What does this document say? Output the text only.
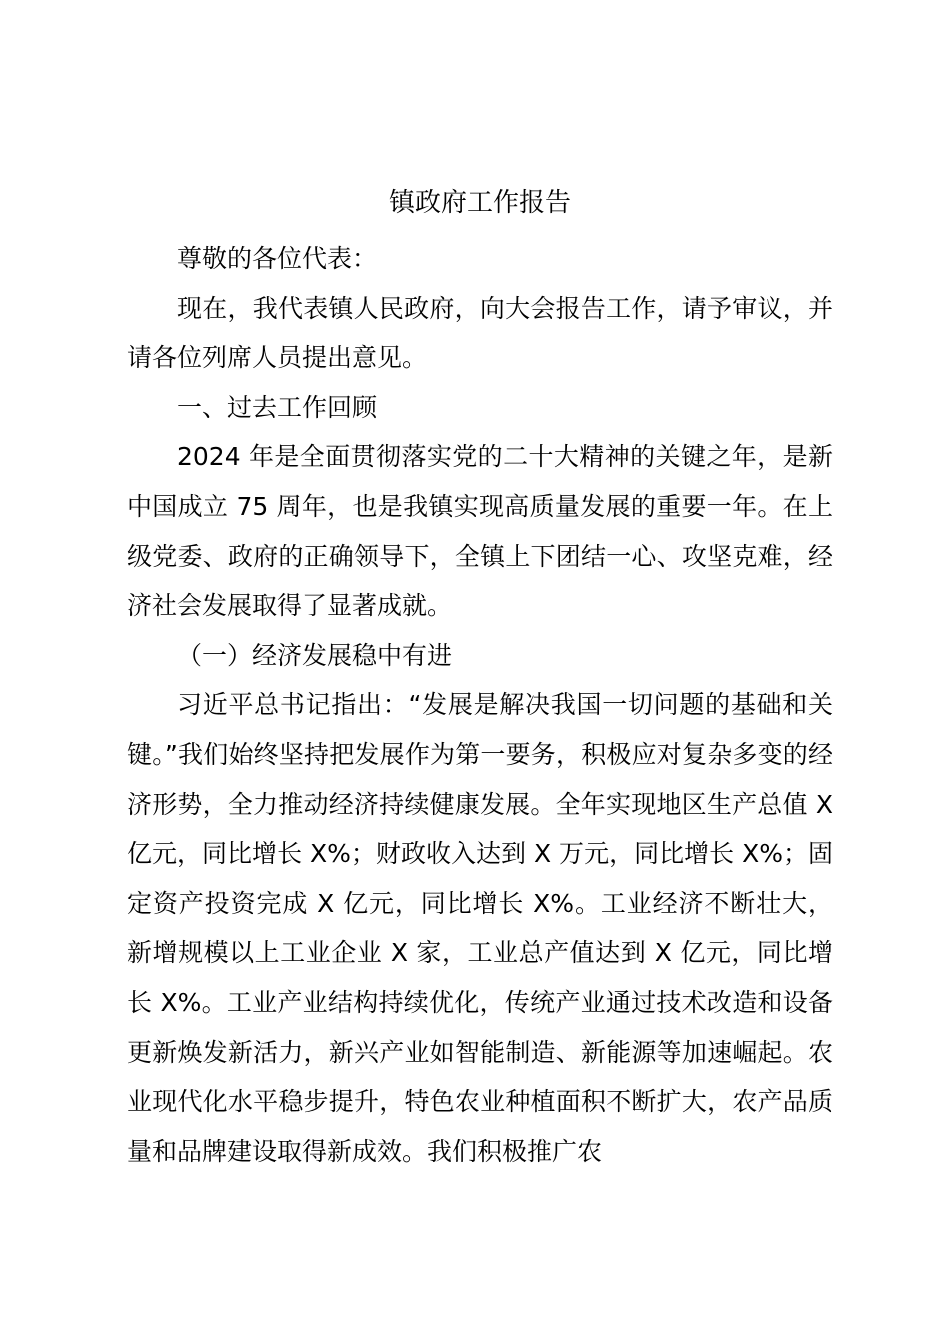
镇政府工作报告

尊敬的各位代表：

现在，我代表镇人民政府，向大会报告工作，请予审议，并请各位列席人员提出意见。

一、过去工作回顾

2024 年是全面贯彻落实党的二十大精神的关键之年，是新中国成立 75 周年，也是我镇实现高质量发展的重要一年。在上级党委、政府的正确领导下，全镇上下团结一心、攻坚克难，经济社会发展取得了显著成就。

（一）经济发展稳中有进

习近平总书记指出：“发展是解决我国一切问题的基础和关键。”我们始终坚持把发展作为第一要务，积极应对复杂多变的经济形势，全力推动经济持续健康发展。全年实现地区生产总值 X 亿元，同比增长 X%；财政收入达到 X 万元，同比增长 X%；固定资产投资完成 X 亿元，同比增长 X%。工业经济不断壮大，新增规模以上工业企业 X 家，工业总产值达到 X 亿元，同比增长 X%。工业产业结构持续优化，传统产业通过技术改造和设备更新焕发新活力，新兴产业如智能制造、新能源等加速崛起。农业现代化水平稳步提升，特色农业种植面积不断扩大，农产品质量和品牌建设取得新成效。我们积极推广农
